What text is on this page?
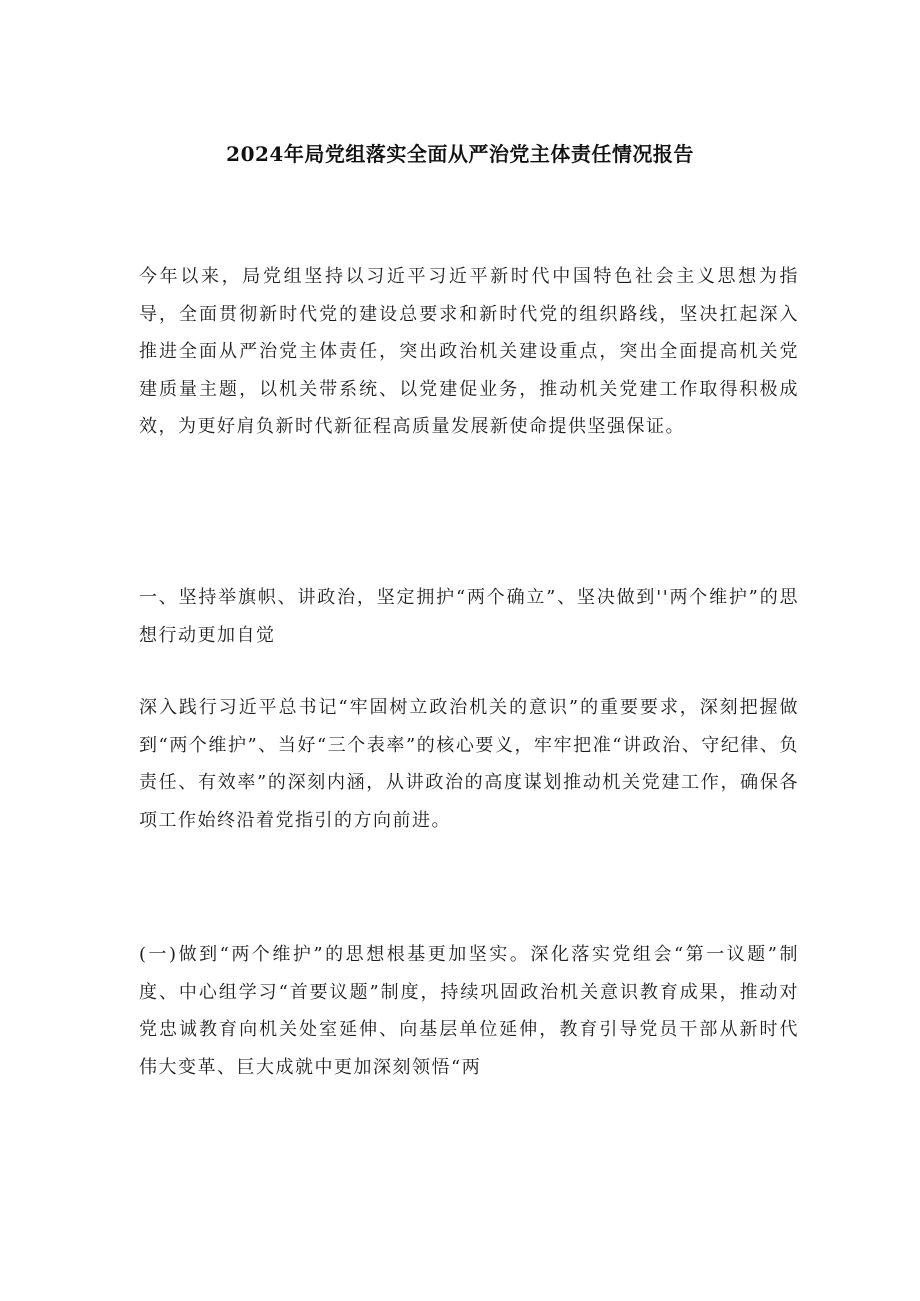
2024年局党组落实全面从严治党主体责任情况报告

今年以来，局党组坚持以习近平习近平新时代中国特色社会主义思想为指导，全面贯彻新时代党的建设总要求和新时代党的组织路线，坚决扛起深入推进全面从严治党主体责任，突出政治机关建设重点，突出全面提高机关党建质量主题，以机关带系统、以党建促业务，推动机关党建工作取得积极成效，为更好肩负新时代新征程高质量发展新使命提供坚强保证。

一、坚持举旗帜、讲政治，坚定拥护“两个确立”、坚决做到''两个维护”的思想行动更加自觉

深入践行习近平总书记“牢固树立政治机关的意识”的重要要求，深刻把握做到“两个维护”、当好“三个表率”的核心要义，牢牢把准“讲政治、守纪律、负责任、有效率”的深刻内涵，从讲政治的高度谋划推动机关党建工作，确保各项工作始终沿着党指引的方向前进。

(一)做到“两个维护”的思想根基更加坚实。深化落实党组会“第一议题”制度、中心组学习“首要议题”制度，持续巩固政治机关意识教育成果，推动对党忠诚教育向机关处室延伸、向基层单位延伸，教育引导党员干部从新时代伟大变革、巨大成就中更加深刻领悟“两
